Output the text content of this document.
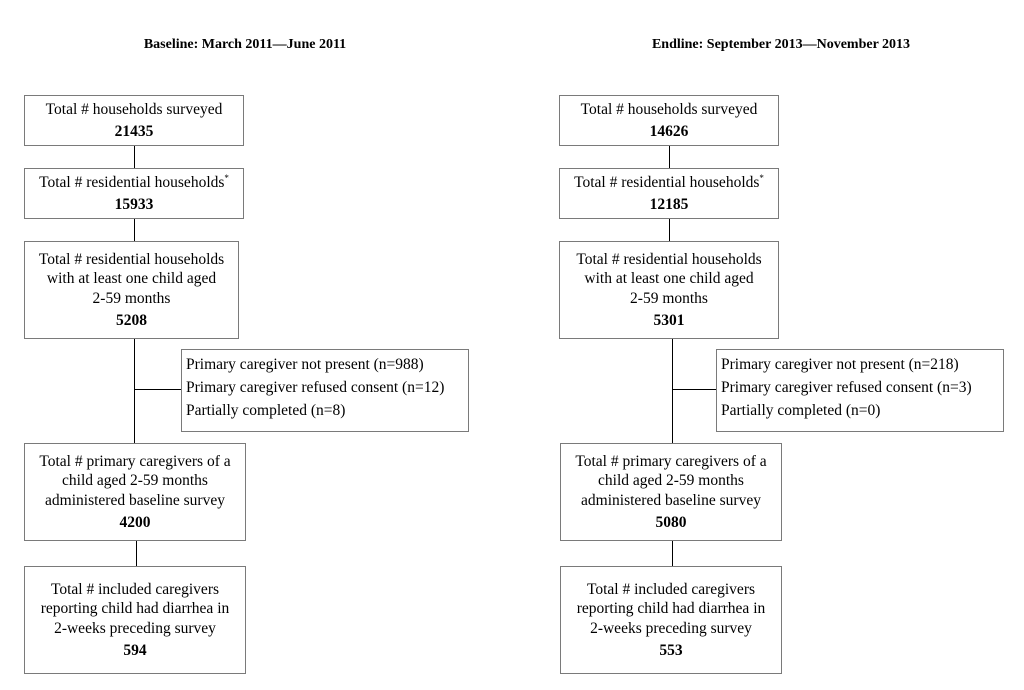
Baseline: March 2011—June 2011
Total # households surveyed
21435
Total # residential households*
15933
Total # residential households
with at least one child aged
2-59 months
5208
Primary caregiver not present (n=988)
Primary caregiver refused consent (n=12)
Partially completed (n=8)
Total # primary caregivers of a
child aged 2-59 months
administered baseline survey
4200
Total # included caregivers
reporting child had diarrhea in
2-weeks preceding survey
594
Endline: September 2013—November 2013
Total # households surveyed
14626
Total # residential households*
12185
Total # residential households
with at least one child aged
2-59 months
5301
Primary caregiver not present (n=218)
Primary caregiver refused consent (n=3)
Partially completed (n=0)
Total # primary caregivers of a
child aged 2-59 months
administered baseline survey
5080
Total # included caregivers
reporting child had diarrhea in
2-weeks preceding survey
553
